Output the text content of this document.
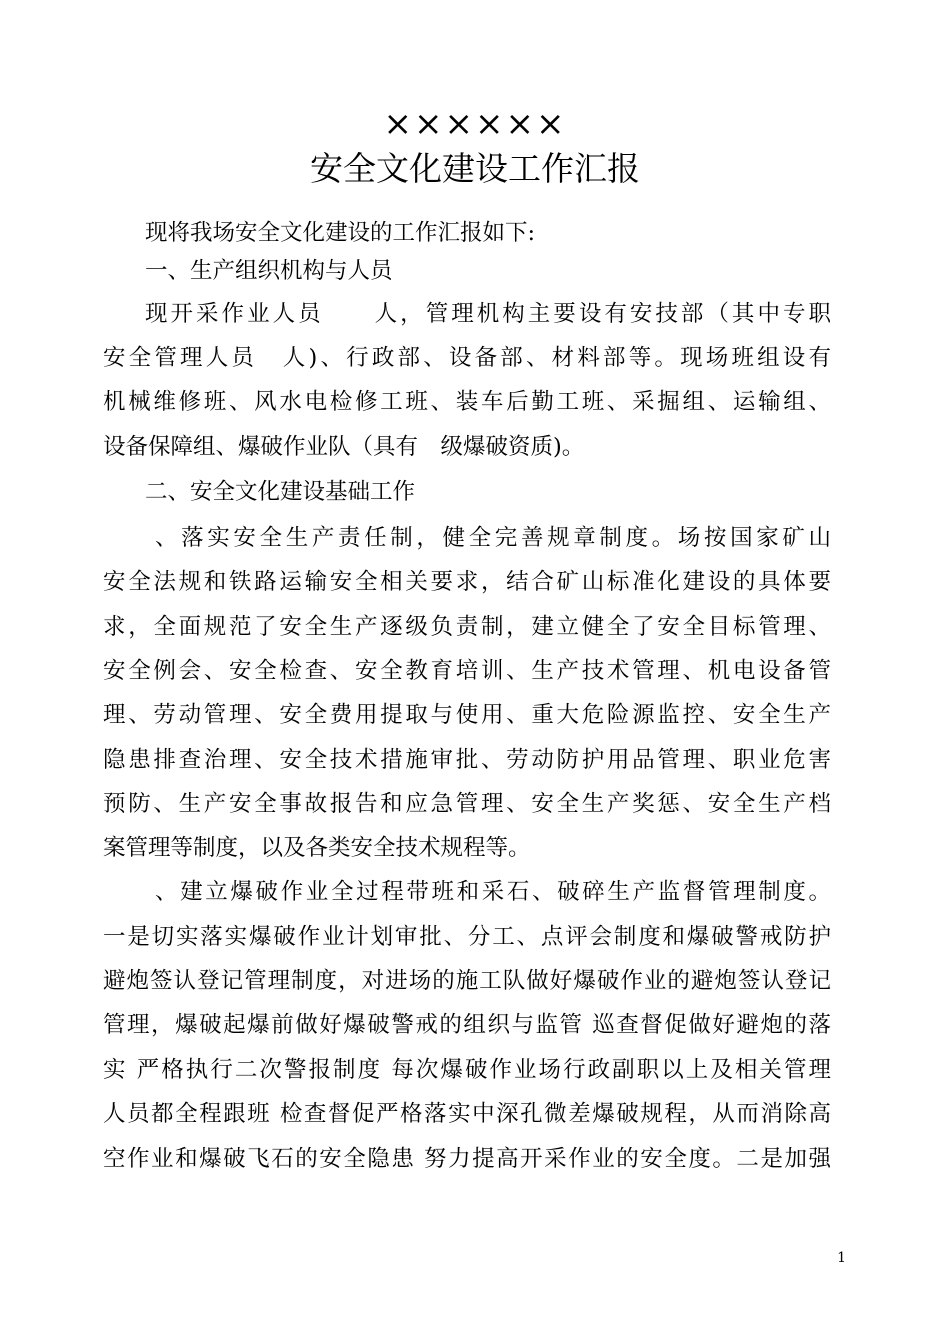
××××××
安全文化建设工作汇报
现将我场安全文化建设的工作汇报如下:
一、生产组织机构与人员
现开采作业人员　　人，管理机构主要设有安技部（其中专职
安全管理人员　人)、行政部、设备部、材料部等。现场班组设有
机械维修班、风水电检修工班、装车后勤工班、采掘组、运输组、
设备保障组、爆破作业队（具有　级爆破资质)。
二、安全文化建设基础工作
、落实安全生产责任制，健全完善规章制度。场按国家矿山
安全法规和铁路运输安全相关要求，结合矿山标准化建设的具体要
求，全面规范了安全生产逐级负责制，建立健全了安全目标管理、
安全例会、安全检查、安全教育培训、生产技术管理、机电设备管
理、劳动管理、安全费用提取与使用、重大危险源监控、安全生产
隐患排查治理、安全技术措施审批、劳动防护用品管理、职业危害
预防、生产安全事故报告和应急管理、安全生产奖惩、安全生产档
案管理等制度，以及各类安全技术规程等。
、建立爆破作业全过程带班和采石、破碎生产监督管理制度。
一是切实落实爆破作业计划审批、分工、点评会制度和爆破警戒防护
避炮签认登记管理制度，对进场的施工队做好爆破作业的避炮签认登记
管理，爆破起爆前做好爆破警戒的组织与监管 巡查督促做好避炮的落
实 严格执行二次警报制度 每次爆破作业场行政副职以上及相关管理
人员都全程跟班 检查督促严格落实中深孔微差爆破规程，从而消除高
空作业和爆破飞石的安全隐患 努力提高开采作业的安全度。二是加强
1
